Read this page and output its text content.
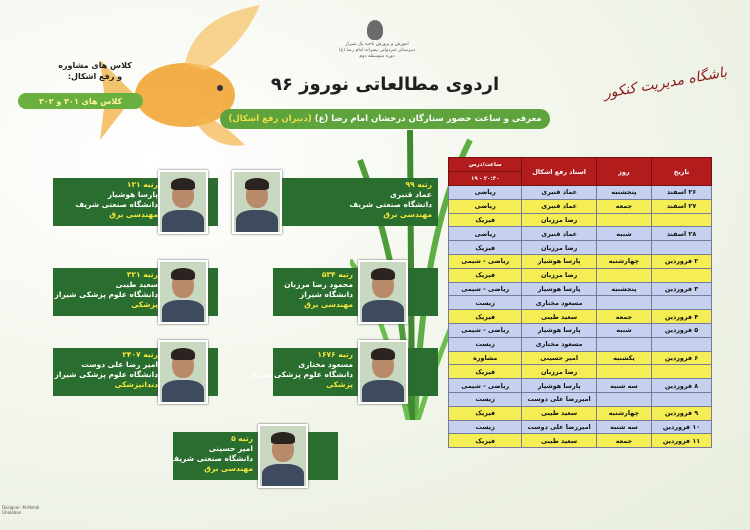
اموزش و پرورش ناحیه یک شیراز
دبیرستان غیردولتی پسرانه امام رضا (ع)
دوره متوسطه دوم
اردوی مطالعاتی نوروز ۹۶
معرفی و ساعت حضور ستارگان درخشان امام رضا (ع)
(دبیران رفع اشکال)
باشگاه مدیریت کنکور
کلاس های مشاوره
و رفع اشکال:
کلاس های ۳۰۱ و ۳۰۲
رتبه ۹۹
عماد قنبری
دانشگاه صنعتی شریف
مهندسی برق
رتبه ۱۲۱
پارسا هوشیار
دانشگاه صنعتی شریف
مهندسی برق
رتبه ۵۳۴
محمود رضا مرزبان
دانشگاه شیراز
مهندسی برق
رتبه ۳۲۱
سعید طیبی
دانشگاه علوم پزشکی شیراز
پزشکی
رتبه ۱۶۷۶
مسعود مختاری
دانشگاه علوم پزشکی شیراز
پزشکی
رتبه ۲۴۰۷
امیر رضا علی دوست
دانشگاه علوم پزشکی شیراز
دندانپزشکی
رتبه ۵
امیر حسینی
دانشگاه صنعتی شریف
مهندسی برق
تاریخ	روز	استاد رفع اشکال	ساعت/درس
			۲۰:۳۰ - ۱۹
۲۶ اسفند	پنجشنبه	عماد قنبری	ریاضی
۲۷ اسفند	جمعه	عماد قنبری	ریاضی
		رضا مرزبان	فیزیک
۲۸ اسفند	شنبه	عماد قنبری	ریاضی
		رضا مرزبان	فیزیک
۲ فروردین	چهارشنبه	پارسا هوشیار	ریاضی - شیمی
		رضا مرزبان	فیزیک
۳ فروردین	پنجشنبه	پارسا هوشیار	ریاضی - شیمی
		مسعود مختاری	زیست
۴ فروردین	جمعه	سعید طیبی	فیزیک
۵ فروردین	شنبه	پارسا هوشیار	ریاضی - شیمی
		مسعود مختاری	زیست
۶ فروردین	یکشنبه	امیر حسینی	مشاوره
		رضا مرزبان	فیزیک
۸ فروردین	سه شنبه	پارسا هوشیار	ریاضی - شیمی
		امیررضا علی دوست	زیست
۹ فروردین	چهارشنبه	سعید طیبی	فیزیک
۱۰ فروردین	سه شنبه	امیررضا علی دوست	زیست
۱۱ فروردین	جمعه	سعید طیبی	فیزیک
Designer: M.Mehdi Ghaleban
